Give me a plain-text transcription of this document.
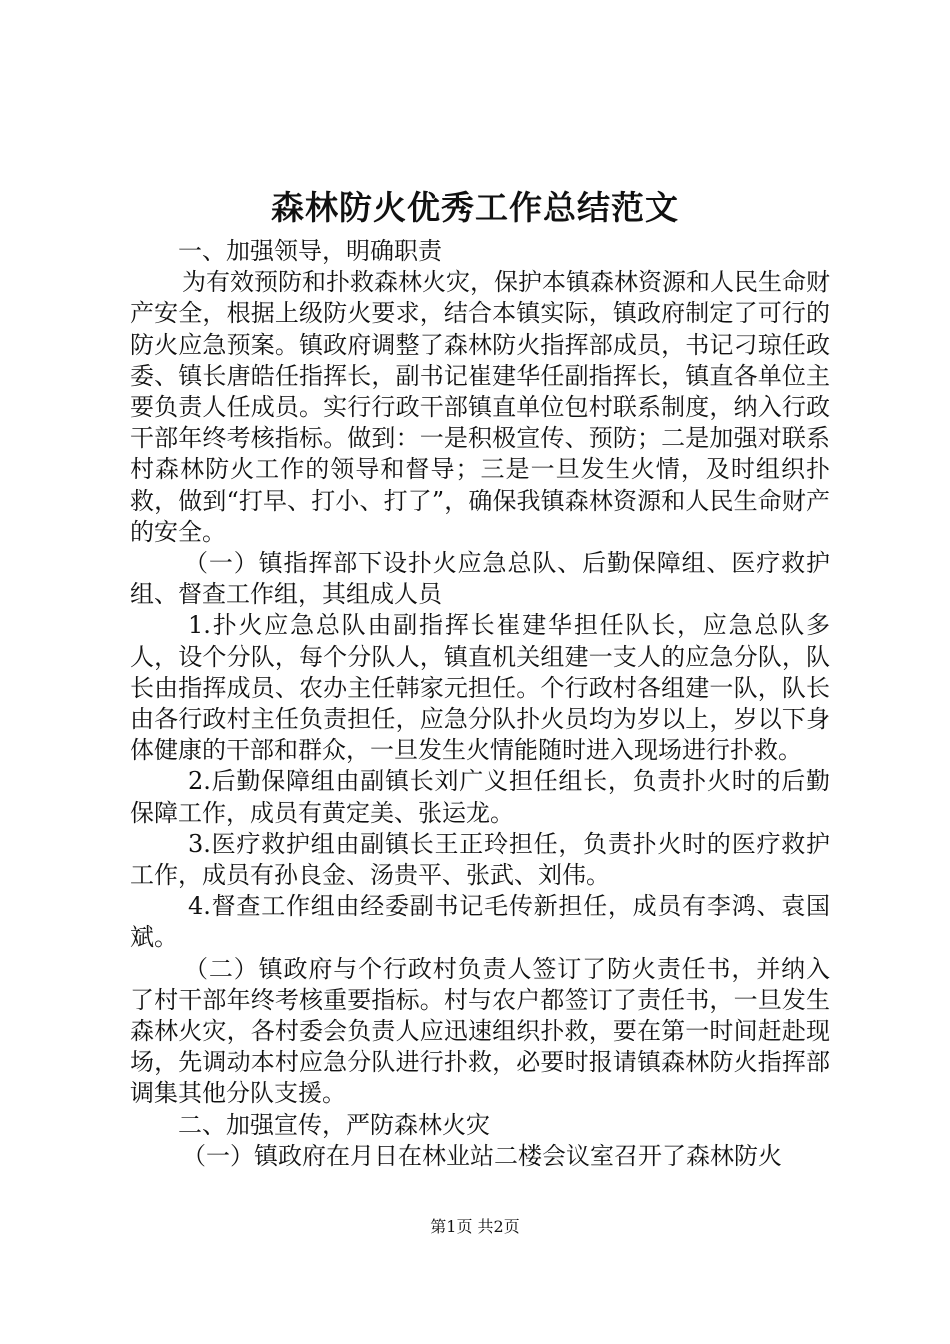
森林防火优秀工作总结范文

一、加强领导，明确职责

为有效预防和扑救森林火灾，保护本镇森林资源和人民生命财产安全，根据上级防火要求，结合本镇实际，镇政府制定了可行的防火应急预案。镇政府调整了森林防火指挥部成员，书记刁琼任政委、镇长唐皓任指挥长，副书记崔建华任副指挥长，镇直各单位主要负责人任成员。实行行政干部镇直单位包村联系制度，纳入行政干部年终考核指标。做到：一是积极宣传、预防；二是加强对联系村森林防火工作的领导和督导；三是一旦发生火情，及时组织扑救，做到“打早、打小、打了”，确保我镇森林资源和人民生命财产的安全。

（一）镇指挥部下设扑火应急总队、后勤保障组、医疗救护组、督查工作组，其组成人员

1.扑火应急总队由副指挥长崔建华担任队长，应急总队多人，设个分队，每个分队人，镇直机关组建一支人的应急分队，队长由指挥成员、农办主任韩家元担任。个行政村各组建一队，队长由各行政村主任负责担任，应急分队扑火员均为岁以上，岁以下身体健康的干部和群众，一旦发生火情能随时进入现场进行扑救。

2.后勤保障组由副镇长刘广义担任组长，负责扑火时的后勤保障工作，成员有黄定美、张运龙。

3.医疗救护组由副镇长王正玲担任，负责扑火时的医疗救护工作，成员有孙良金、汤贵平、张武、刘伟。

4.督查工作组由经委副书记毛传新担任，成员有李鸿、袁国斌。

（二）镇政府与个行政村负责人签订了防火责任书，并纳入了村干部年终考核重要指标。村与农户都签订了责任书，一旦发生森林火灾，各村委会负责人应迅速组织扑救，要在第一时间赶赴现场，先调动本村应急分队进行扑救，必要时报请镇森林防火指挥部调集其他分队支援。

二、加强宣传，严防森林火灾

（一）镇政府在月日在林业站二楼会议室召开了森林防火

第1页 共2页
